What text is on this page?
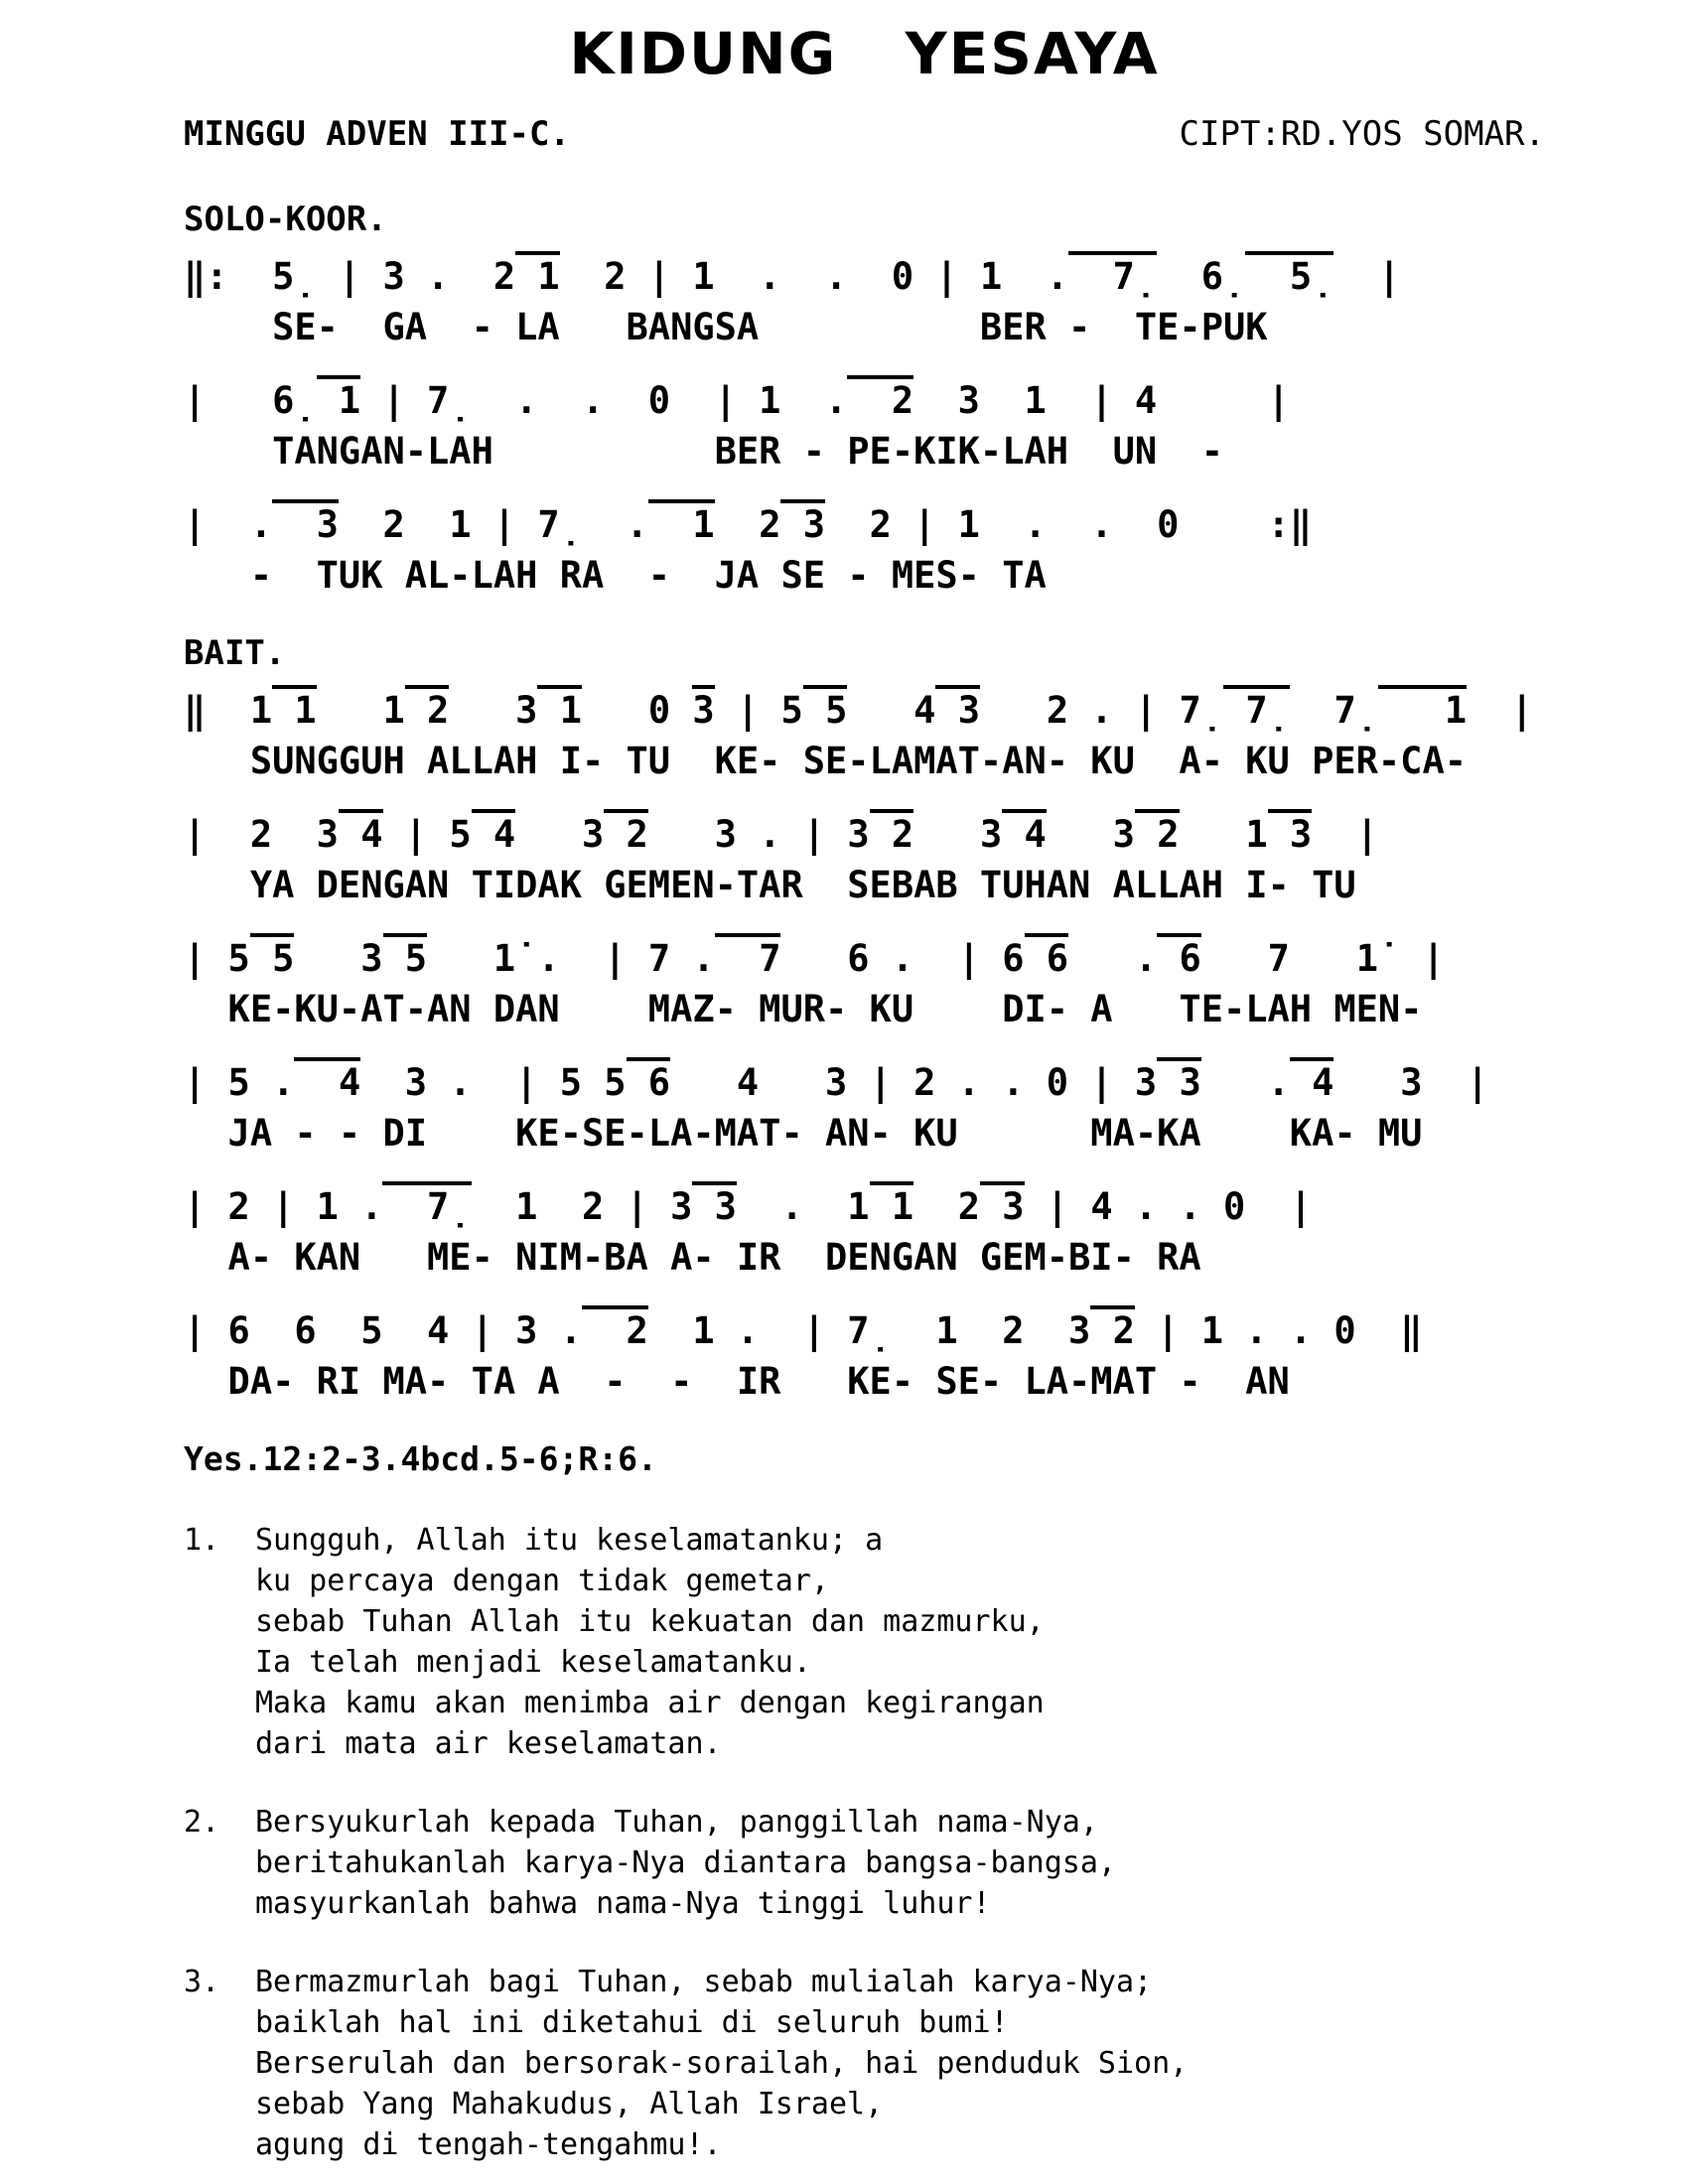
KIDUNG  YESAYA
MINGGU ADVEN III-C.	CIPT:RD.YOS SOMAR.
SOLO-KOOR.
‖:  5̣ | 3 .  2 1  2 | 1  .  .  0 | 1  .  7̣  6̣  5̣  |
SE-  GA  - LA   BANGSA          BER -  TE-PUK
|   6̣ 1 | 7̣  .  .  0  | 1  .  2  3  1  | 4     |
TANGAN-LAH          BER - PE-KIK-LAH  UN  -
|  .  3  2  1 | 7̣  .  1  2 3  2 | 1  .  .  0    :‖
-  TUK AL-LAH RA  -  JA SE - MES- TA
BAIT.
‖  1 1   1 2   3 1   0 3 | 5 5   4 3   2 . | 7̣ 7̣  7̣   1  |
SUNGGUH ALLAH I- TU  KE- SE-LAMAT-AN- KU  A- KU PER-CA-
|  2  3 4 | 5 4   3 2   3 . | 3 2   3 4   3 2   1 3  |
YA DENGAN TIDAK GEMEN-TAR  SEBAB TUHAN ALLAH I- TU
| 5 5   3 5   1̇ .  | 7 .  7   6 .  | 6 6   . 6   7   1̇  |
KE-KU-AT-AN DAN    MAZ- MUR- KU    DI- A   TE-LAH MEN-
| 5 .  4  3 .  | 5 5 6   4   3 | 2 . . 0 | 3 3   . 4   3  |
JA - - DI    KE-SE-LA-MAT- AN- KU      MA-KA    KA- MU
| 2 | 1 .  7̣  1  2 | 3 3  .  1 1  2 3 | 4 . . 0  |
A- KAN   ME- NIM-BA A- IR  DENGAN GEM-BI- RA
| 6  6  5  4 | 3 .  2  1 .  | 7̣  1  2  3 2 | 1 . . 0  ‖
DA- RI MA- TA A  -  -  IR   KE- SE- LA-MAT -  AN
Yes.12:2-3.4bcd.5-6;R:6.
1.	Sungguh, Allah itu keselamatanku; a
ku percaya dengan tidak gemetar,
sebab Tuhan Allah itu kekuatan dan mazmurku,
Ia telah menjadi keselamatanku.
Maka kamu akan menimba air dengan kegirangan
dari mata air keselamatan.
2.	Bersyukurlah kepada Tuhan, panggillah nama-Nya,
beritahukanlah karya-Nya diantara bangsa-bangsa,
masyurkanlah bahwa nama-Nya tinggi luhur!
3.	Bermazmurlah bagi Tuhan, sebab mulialah karya-Nya;
baiklah hal ini diketahui di seluruh bumi!
Berserulah dan bersorak-sorailah, hai penduduk Sion,
sebab Yang Mahakudus, Allah Israel,
agung di tengah-tengahmu!.
